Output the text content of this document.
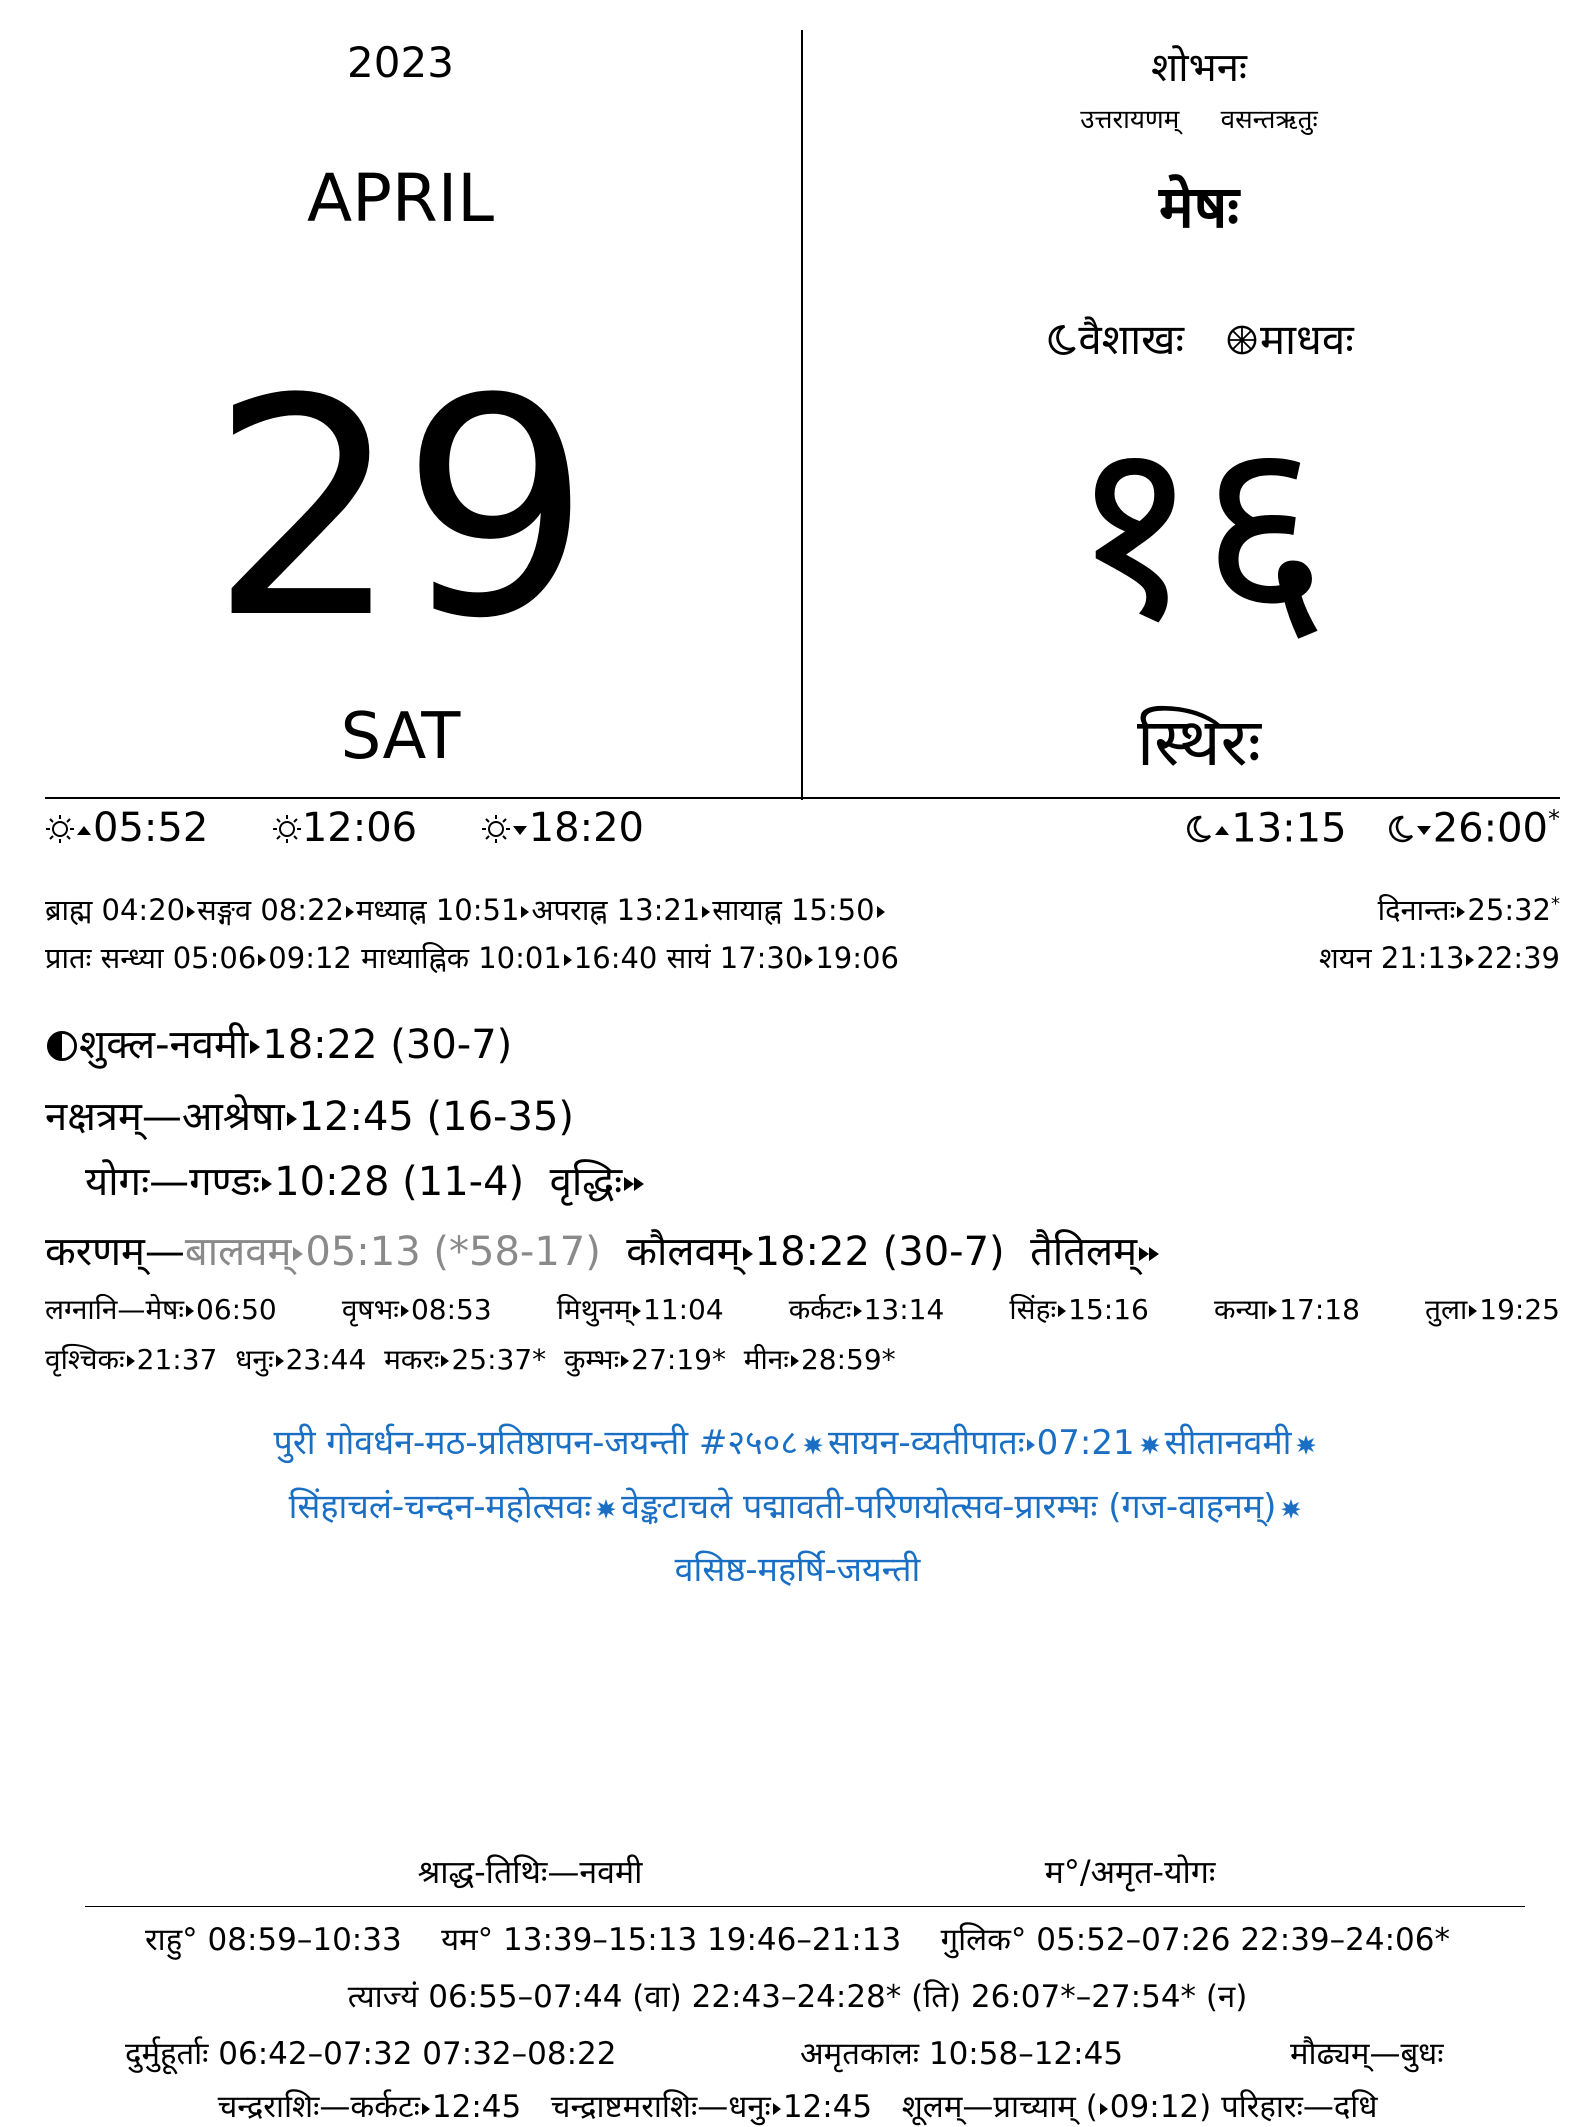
2023
APRIL
29
SAT
शोभनः
उत्तरायणम् वसन्तऋतुः
मेषः
वैशाखः माधवः
१६
स्थिरः
05:52 12:06	18:20	13:15 26:00*
ब्राह्म 04:20 सङ्गव 08:22 मध्याह्न 10:51 अपराह्न 13:21 सायाह्न 15:50	दिनान्तः 25:32*
प्रातः सन्ध्या 05:06 09:12 माध्याह्निक 10:01 16:40 सायं 17:30 19:06	शयन 21:13 22:39
शुक्ल-नवमी 18:22 (30-7)
नक्षत्रम्—आश्रेषा 12:45 (16-35)
योगः—गण्डः 10:28 (11-4) वृद्धिः
करणम्—बालवम् 05:13 (*58-17) कौलवम् 18:22 (30-7) तैतिलम्
लग्नानि—मेषः 06:50 वृषभः 08:53 मिथुनम् 11:04 कर्कटः 13:14 सिंहः 15:16 कन्या 17:18 तुला 19:25
वृश्चिकः 21:37 धनुः 23:44 मकरः 25:37* कुम्भः 27:19* मीनः 28:59*
पुरी गोवर्धन-मठ-प्रतिष्ठापन-जयन्ती #२५०८ सायन-व्यतीपातः 07:21 सीतानवमी
सिंहाचलं-चन्दन-महोत्सवः वेङ्कटाचले पद्मावती-परिणयोत्सव-प्रारम्भः (गज-वाहनम्)
वसिष्ठ-महर्षि-जयन्ती
श्राद्ध-तिथिः—नवमी	म°/अमृत-योगः
राहु° 08:59–10:33 यम° 13:39–15:13 19:46–21:13 गुलिक° 05:52–07:26 22:39–24:06*
त्याज्यं 06:55–07:44 (वा) 22:43–24:28* (ति) 26:07*–27:54* (न)
दुर्मुहूर्ताः 06:42–07:32 07:32–08:22	अमृतकालः 10:58–12:45	मौढ्यम्—बुधः
चन्द्रराशिः—कर्कटः 12:45 चन्द्राष्टमराशिः—धनुः 12:45 शूलम्—प्राच्याम् ( 09:12) परिहारः—दधि
